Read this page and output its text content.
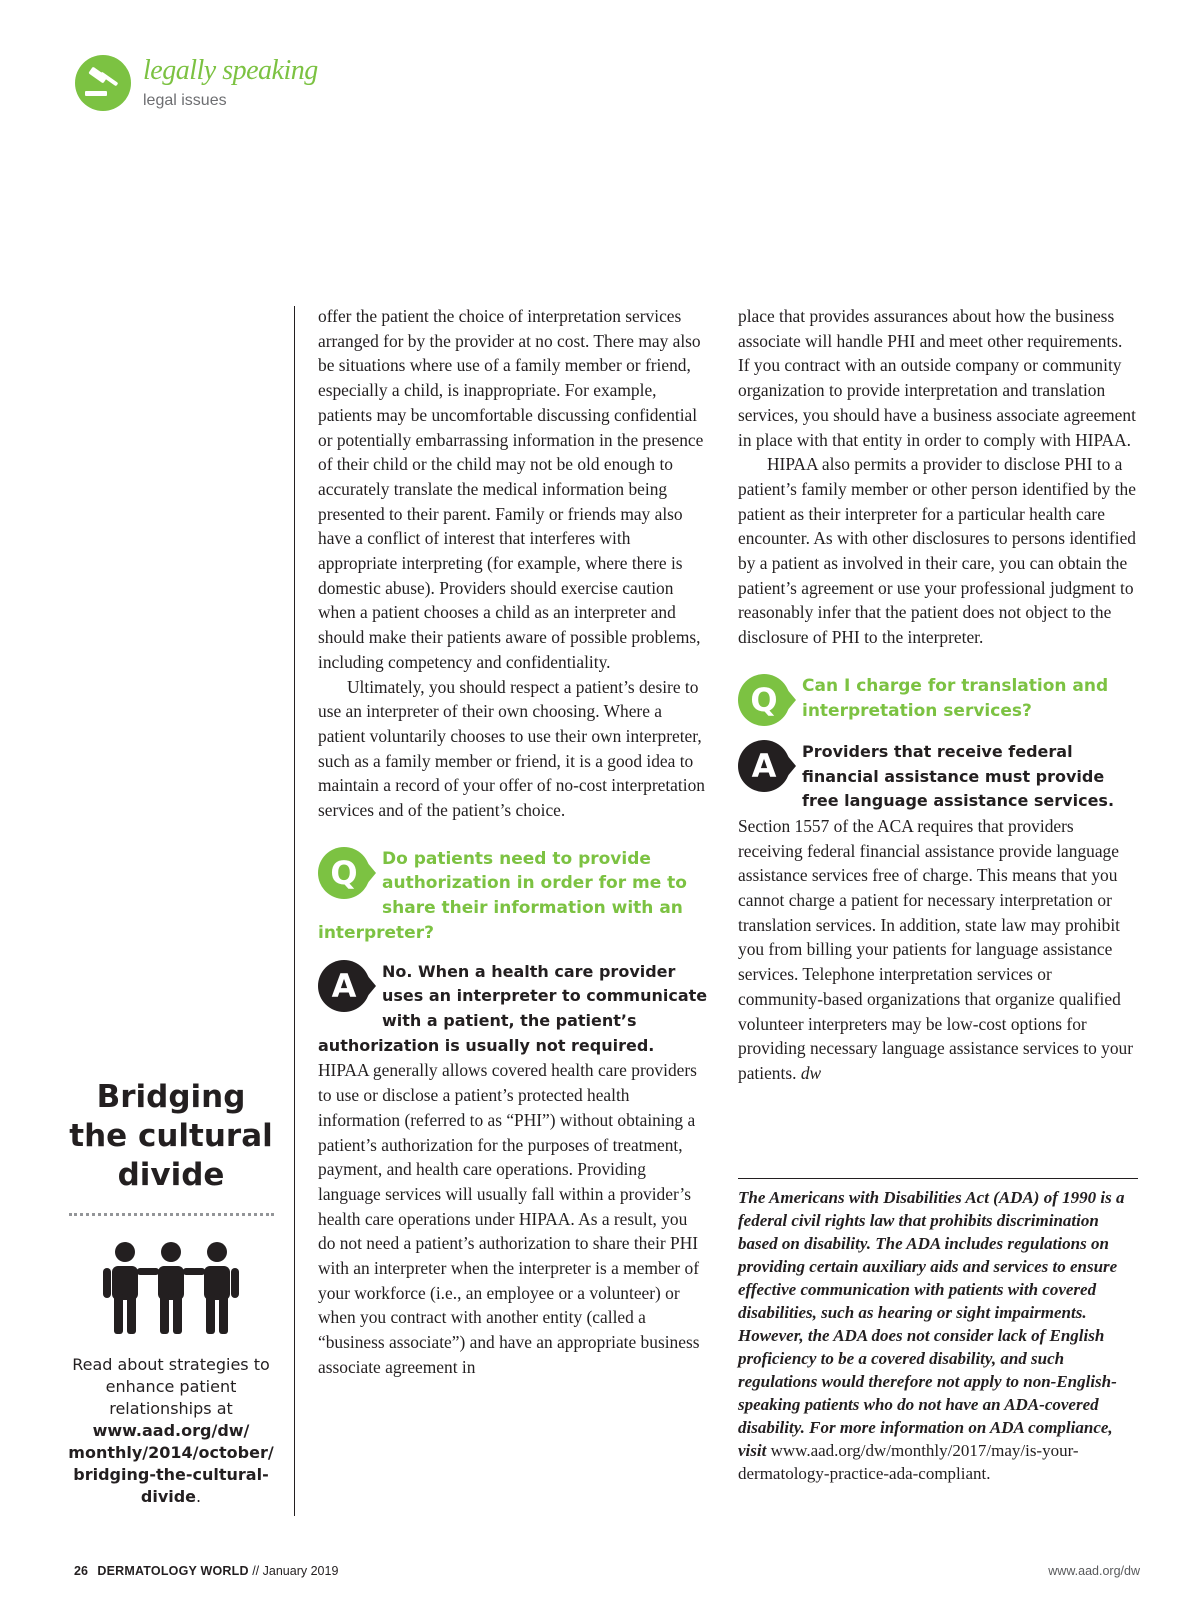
legally speaking
legal issues

offer the patient the choice of interpretation services arranged for by the provider at no cost. There may also be situations where use of a family member or friend, especially a child, is inappropriate. For example, patients may be uncomfortable discussing confidential or potentially embarrassing information in the presence of their child or the child may not be old enough to accurately translate the medical information being presented to their parent. Family or friends may also have a conflict of interest that interferes with appropriate interpreting (for example, where there is domestic abuse). Providers should exercise caution when a patient chooses a child as an interpreter and should make their patients aware of possible problems, including competency and confidentiality.

Ultimately, you should respect a patient’s desire to use an interpreter of their own choosing. Where a patient voluntarily chooses to use their own interpreter, such as a family member or friend, it is a good idea to maintain a record of your offer of no-cost interpretation services and of the patient’s choice.

Q	Do patients need to provide authorization in order for me to share their information with an interpreter?
A	No. When a health care provider uses an interpreter to communicate with a patient, the patient’s authorization is usually not required.

HIPAA generally allows covered health care providers to use or disclose a patient’s protected health information (referred to as “PHI”) without obtaining a patient’s authorization for the purposes of treatment, payment, and health care operations. Providing language services will usually fall within a provider’s health care operations under HIPAA. As a result, you do not need a patient’s authorization to share their PHI with an interpreter when the interpreter is a member of your workforce (i.e., an employee or a volunteer) or when you contract with another entity (called a “business associate”) and have an appropriate business associate agreement in

place that provides assurances about how the business associate will handle PHI and meet other requirements. If you contract with an outside company or community organization to provide interpretation and translation services, you should have a business associate agreement in place with that entity in order to comply with HIPAA.

HIPAA also permits a provider to disclose PHI to a patient’s family member or other person identified by the patient as their interpreter for a particular health care encounter. As with other disclosures to persons identified by a patient as involved in their care, you can obtain the patient’s agreement or use your professional judgment to reasonably infer that the patient does not object to the disclosure of PHI to the interpreter.

Q	Can I charge for translation and interpretation services?
A	Providers that receive federal financial assistance must provide free language assistance services.

Section 1557 of the ACA requires that providers receiving federal financial assistance provide language assistance services free of charge. This means that you cannot charge a patient for necessary interpretation or translation services. In addition, state law may prohibit you from billing your patients for language assistance services. Telephone interpretation services or community-based organizations that organize qualified volunteer interpreters may be low-cost options for providing necessary language assistance services to your patients. dw

The Americans with Disabilities Act (ADA) of 1990 is a federal civil rights law that prohibits discrimination based on disability. The ADA includes regulations on providing certain auxiliary aids and services to ensure effective communication with patients with covered disabilities, such as hearing or sight impairments. However, the ADA does not consider lack of English proficiency to be a covered disability, and such regulations would therefore not apply to non-English-speaking patients who do not have an ADA-covered disability. For more information on ADA compliance, visit www.aad.org/dw/monthly/2017/may/is-your-dermatology-practice-ada-compliant.
Bridging
the cultural
divide
Read about strategies to enhance patient relationships at
www.aad.org/dw/
monthly/2014/october/
bridging-the-cultural-
divide.
26 DERMATOLOGY WORLD // January 2019	www.aad.org/dw
